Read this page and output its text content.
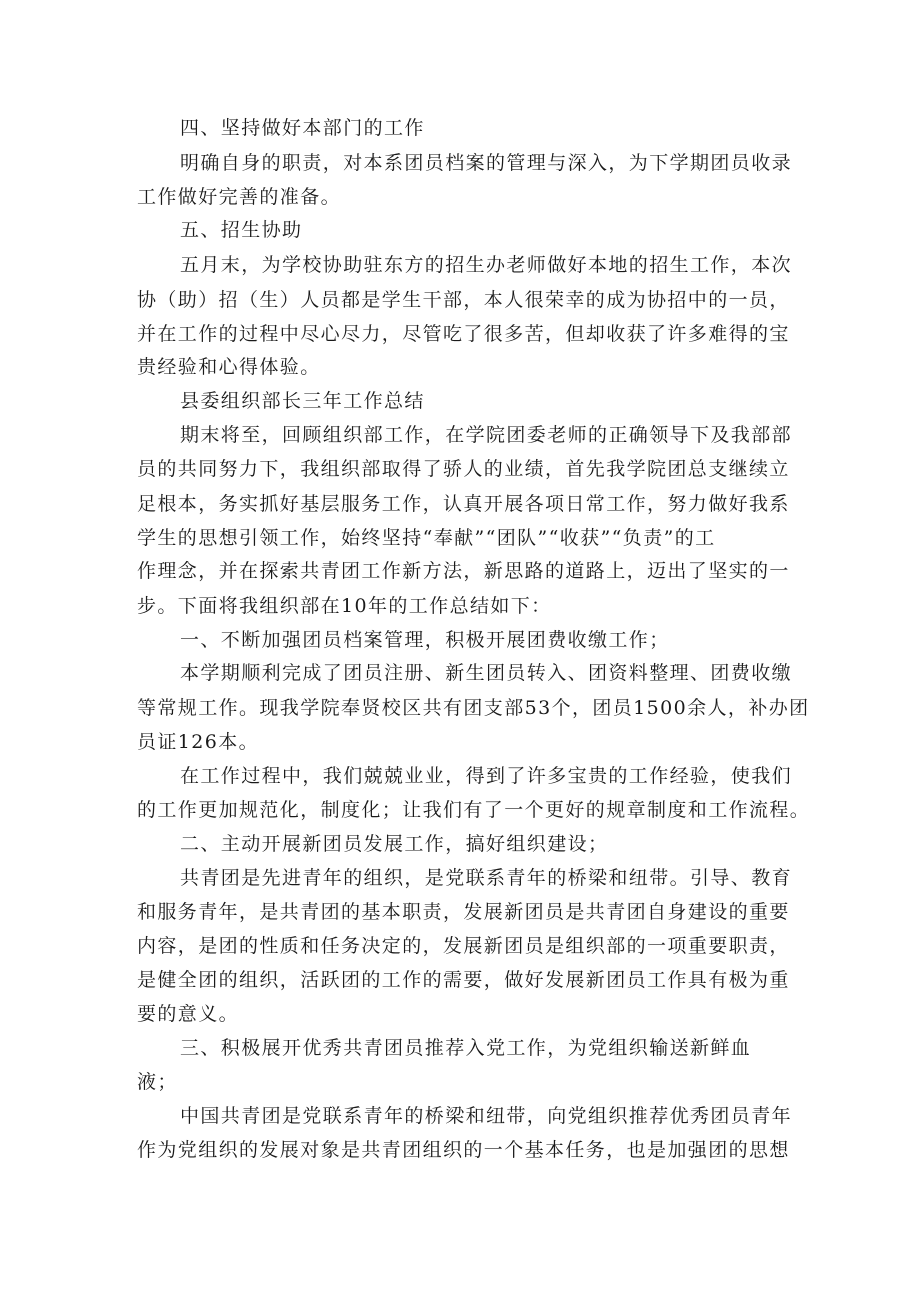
四、坚持做好本部门的工作
明确自身的职责，对本系团员档案的管理与深入，为下学期团员收录
工作做好完善的准备。
五、招生协助
五月末，为学校协助驻东方的招生办老师做好本地的招生工作，本次
协（助）招（生）人员都是学生干部，本人很荣幸的成为协招中的一员，
并在工作的过程中尽心尽力，尽管吃了很多苦，但却收获了许多难得的宝
贵经验和心得体验。
县委组织部长三年工作总结
期末将至，回顾组织部工作，在学院团委老师的正确领导下及我部部
员的共同努力下，我组织部取得了骄人的业绩，首先我学院团总支继续立
足根本，务实抓好基层服务工作，认真开展各项日常工作，努力做好我系
学生的思想引领工作，始终坚持“奉献”“团队”“收获”“负责”的工
作理念，并在探索共青团工作新方法，新思路的道路上，迈出了坚实的一
步。下面将我组织部在10年的工作总结如下：
一、不断加强团员档案管理，积极开展团费收缴工作；
本学期顺利完成了团员注册、新生团员转入、团资料整理、团费收缴
等常规工作。现我学院奉贤校区共有团支部53个，团员1500余人，补办团
员证126本。
在工作过程中，我们兢兢业业，得到了许多宝贵的工作经验，使我们
的工作更加规范化，制度化；让我们有了一个更好的规章制度和工作流程。
二、主动开展新团员发展工作，搞好组织建设；
共青团是先进青年的组织，是党联系青年的桥梁和纽带。引导、教育
和服务青年，是共青团的基本职责，发展新团员是共青团自身建设的重要
内容，是团的性质和任务决定的，发展新团员是组织部的一项重要职责，
是健全团的组织，活跃团的工作的需要，做好发展新团员工作具有极为重
要的意义。
三、积极展开优秀共青团员推荐入党工作，为党组织输送新鲜血
液；
中国共青团是党联系青年的桥梁和纽带，向党组织推荐优秀团员青年
作为党组织的发展对象是共青团组织的一个基本任务，也是加强团的思想
